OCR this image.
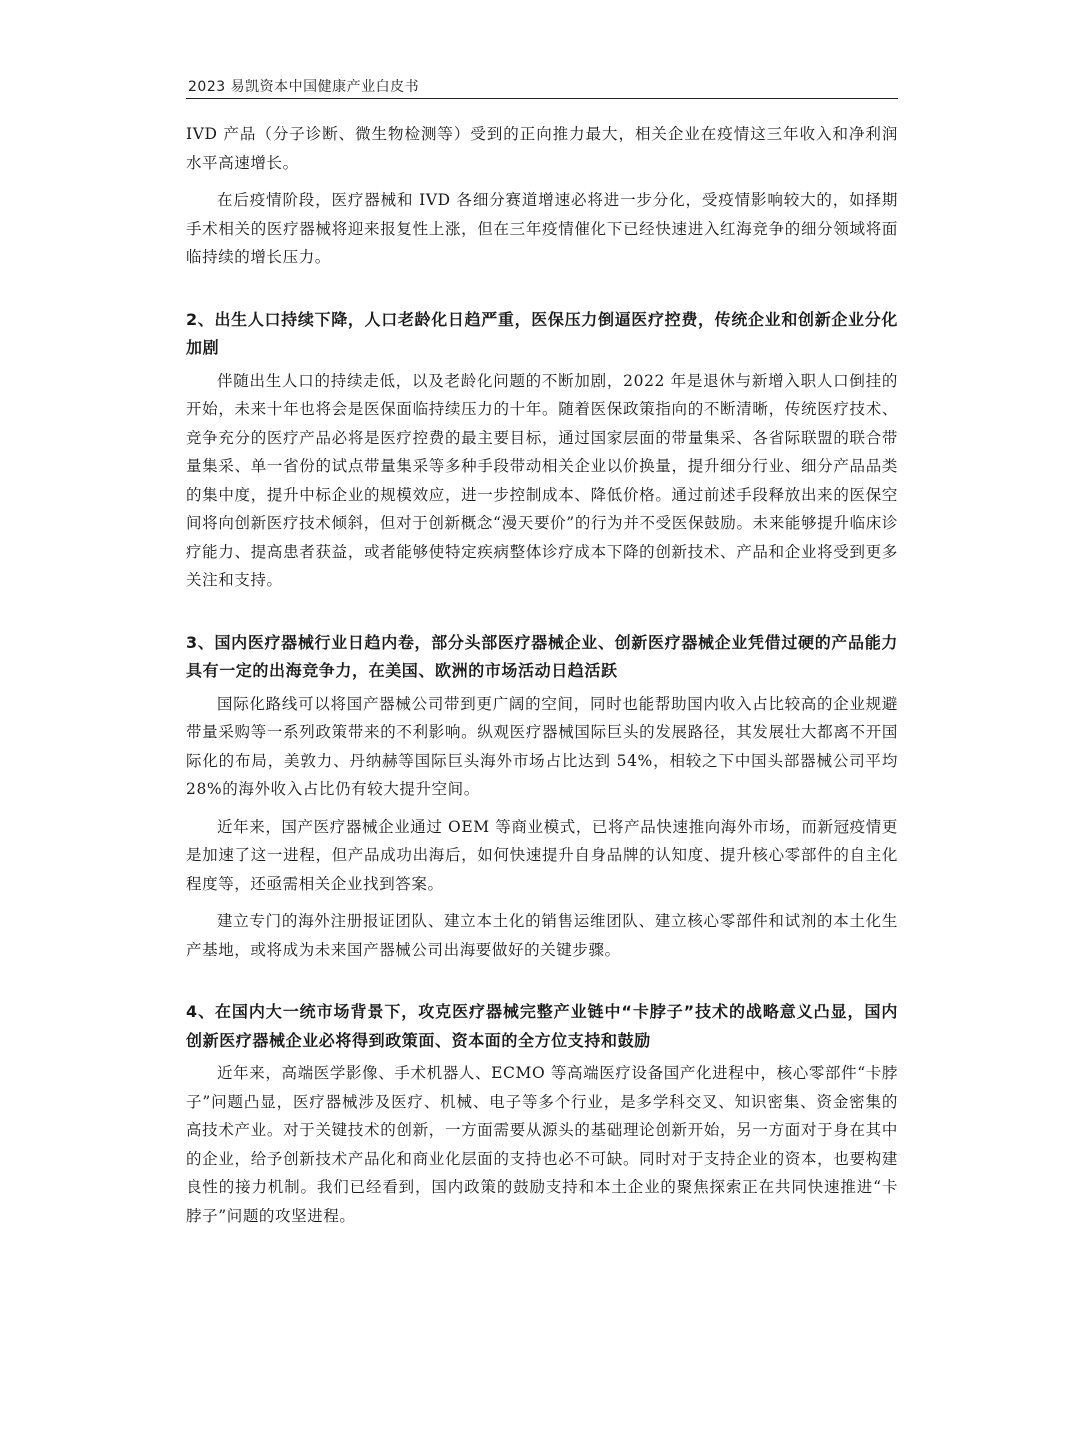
2023 易凯资本中国健康产业白皮书

IVD 产品（分子诊断、微生物检测等）受到的正向推力最大，相关企业在疫情这三年收入和净利润水平高速增长。

在后疫情阶段，医疗器械和 IVD 各细分赛道增速必将进一步分化，受疫情影响较大的，如择期手术相关的医疗器械将迎来报复性上涨，但在三年疫情催化下已经快速进入红海竞争的细分领域将面临持续的增长压力。

2、出生人口持续下降，人口老龄化日趋严重，医保压力倒逼医疗控费，传统企业和创新企业分化加剧

伴随出生人口的持续走低，以及老龄化问题的不断加剧，2022 年是退休与新增入职人口倒挂的开始，未来十年也将会是医保面临持续压力的十年。随着医保政策指向的不断清晰，传统医疗技术、竞争充分的医疗产品必将是医疗控费的最主要目标，通过国家层面的带量集采、各省际联盟的联合带量集采、单一省份的试点带量集采等多种手段带动相关企业以价换量，提升细分行业、细分产品品类的集中度，提升中标企业的规模效应，进一步控制成本、降低价格。通过前述手段释放出来的医保空间将向创新医疗技术倾斜，但对于创新概念“漫天要价”的行为并不受医保鼓励。未来能够提升临床诊疗能力、提高患者获益，或者能够使特定疾病整体诊疗成本下降的创新技术、产品和企业将受到更多关注和支持。

3、国内医疗器械行业日趋内卷，部分头部医疗器械企业、创新医疗器械企业凭借过硬的产品能力具有一定的出海竞争力，在美国、欧洲的市场活动日趋活跃

国际化路线可以将国产器械公司带到更广阔的空间，同时也能帮助国内收入占比较高的企业规避带量采购等一系列政策带来的不利影响。纵观医疗器械国际巨头的发展路径，其发展壮大都离不开国际化的布局，美敦力、丹纳赫等国际巨头海外市场占比达到 54%，相较之下中国头部器械公司平均 28%的海外收入占比仍有较大提升空间。

近年来，国产医疗器械企业通过 OEM 等商业模式，已将产品快速推向海外市场，而新冠疫情更是加速了这一进程，但产品成功出海后，如何快速提升自身品牌的认知度、提升核心零部件的自主化程度等，还亟需相关企业找到答案。

建立专门的海外注册报证团队、建立本土化的销售运维团队、建立核心零部件和试剂的本土化生产基地，或将成为未来国产器械公司出海要做好的关键步骤。

4、在国内大一统市场背景下，攻克医疗器械完整产业链中“卡脖子”技术的战略意义凸显，国内创新医疗器械企业必将得到政策面、资本面的全方位支持和鼓励

近年来，高端医学影像、手术机器人、ECMO 等高端医疗设备国产化进程中，核心零部件“卡脖子”问题凸显，医疗器械涉及医疗、机械、电子等多个行业，是多学科交叉、知识密集、资金密集的高技术产业。对于关键技术的创新，一方面需要从源头的基础理论创新开始，另一方面对于身在其中的企业，给予创新技术产品化和商业化层面的支持也必不可缺。同时对于支持企业的资本，也要构建良性的接力机制。我们已经看到，国内政策的鼓励支持和本土企业的聚焦探索正在共同快速推进“卡脖子”问题的攻坚进程。
